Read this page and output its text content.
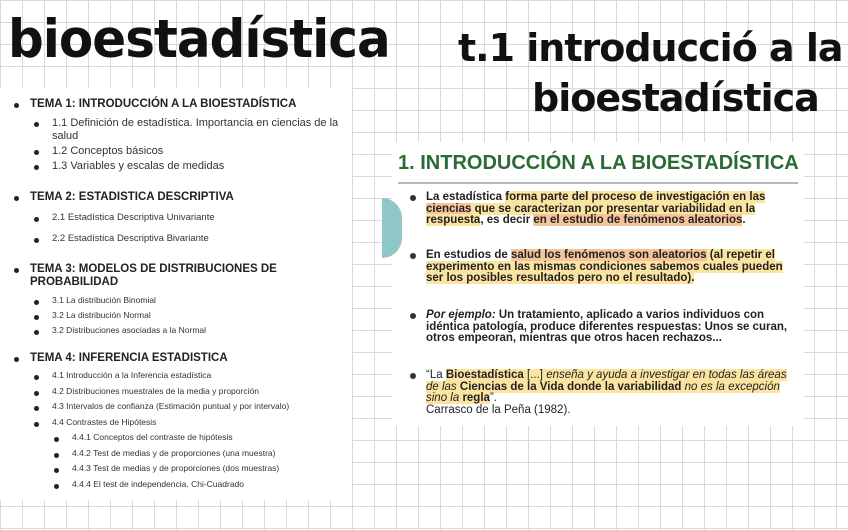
bioestadística t.1 introducció a la
bioestadística

TEMA 1: INTRODUCCIÓN A LA BIOESTADÍSTICA

1.1 Definición de estadística. Importancia en ciencias de la salud
1.2 Conceptos básicos
1.3 Variables y escalas de medidas

TEMA 2: ESTADISTICA DESCRIPTIVA

2.1 Estadística Descriptiva Univariante
2.2 Estadística Descriptiva Bivariante

TEMA 3: MODELOS DE DISTRIBUCIONES DE PROBABILIDAD

3.1 La distribución Binomial
3.2 La distribución Normal
3.2 Distribuciones asociadas a la Normal

TEMA 4: INFERENCIA ESTADISTICA

4.1 Introducción a la Inferencia estadística
4.2 Distribuciones muestrales de la media y proporción
4.3 Intervalos de confianza (Estimación puntual y por intervalo)
4.4 Contrastes de Hipótesis
4.4.1 Conceptos del contraste de hipótesis
4.4.2 Test de medias y de proporciones (una muestra)
4.4.3 Test de medias y de proporciones (dos muestras)
4.4.4 El test de independencia. Chi-Cuadrado
1. INTRODUCCIÓN A LA BIOESTADÍSTICA

La estadística forma parte del proceso de investigación en las ciencias que se caracterizan por presentar variabilidad en la respuesta, es decir en el estudio de fenómenos aleatorios.

En estudios de salud los fenómenos son aleatorios (al repetir el experimento en las mismas condiciones sabemos cuales pueden ser los posibles resultados pero no el resultado).

Por ejemplo: Un tratamiento, aplicado a varios individuos con idéntica patología, produce diferentes respuestas: Unos se curan, otros empeoran, mientras que otros hacen rechazos...

“La Bioestadística [...] enseña y ayuda a investigar en todas las áreas de las Ciencias de la Vida donde la variabilidad no es la excepción sino la regla”.
Carrasco de la Peña (1982).
